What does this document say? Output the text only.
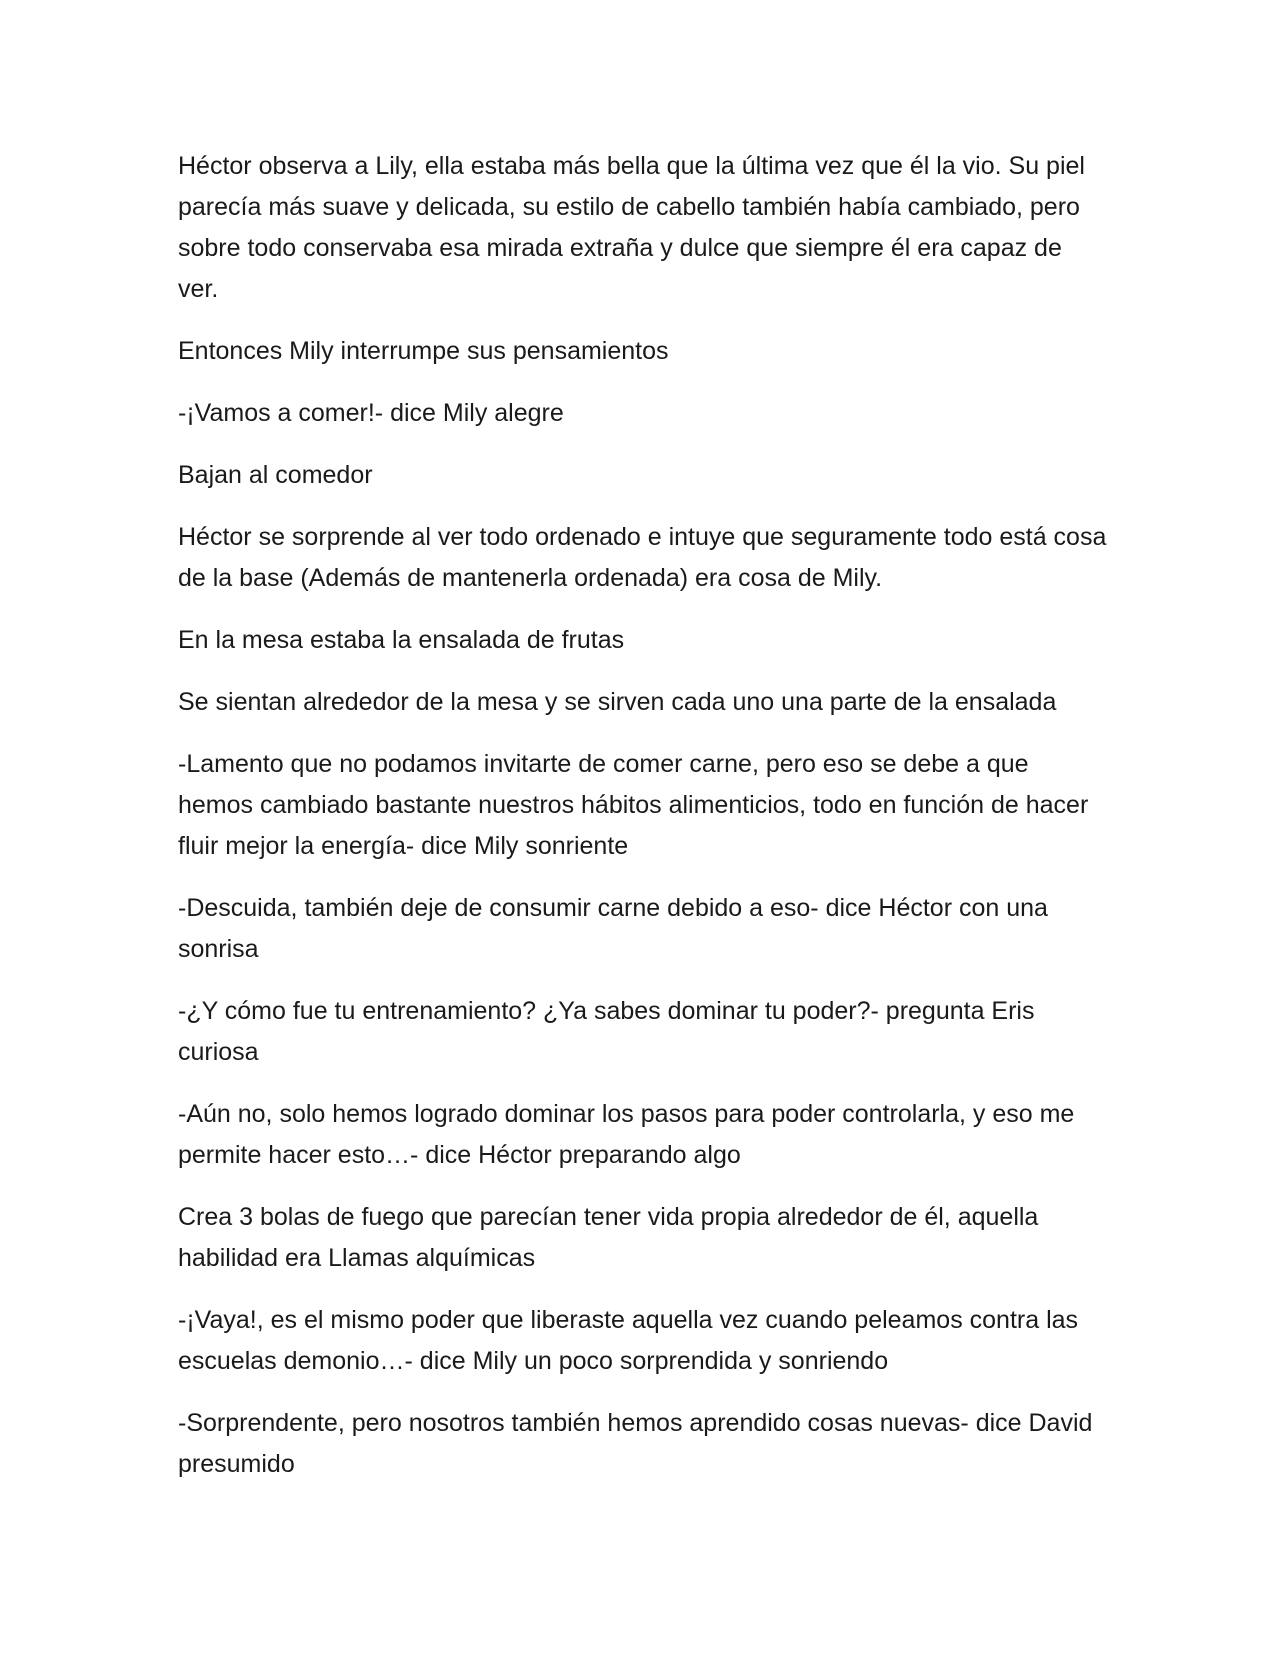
Héctor observa a Lily, ella estaba más bella que la última vez que él la vio. Su piel parecía más suave y delicada, su estilo de cabello también había cambiado, pero sobre todo conservaba esa mirada extraña y dulce que siempre él era capaz de ver.

Entonces Mily interrumpe sus pensamientos

-¡Vamos a comer!- dice Mily alegre

Bajan al comedor

Héctor se sorprende al ver todo ordenado e intuye que seguramente todo está cosa de la base (Además de mantenerla ordenada) era cosa de Mily.

En la mesa estaba la ensalada de frutas

Se sientan alrededor de la mesa y se sirven cada uno una parte de la ensalada

-Lamento que no podamos invitarte de comer carne, pero eso se debe a que hemos cambiado bastante nuestros hábitos alimenticios, todo en función de hacer fluir mejor la energía- dice Mily sonriente

-Descuida, también deje de consumir carne debido a eso- dice Héctor con una sonrisa

-¿Y cómo fue tu entrenamiento? ¿Ya sabes dominar tu poder?- pregunta Eris curiosa

-Aún no, solo hemos logrado dominar los pasos para poder controlarla, y eso me permite hacer esto…- dice Héctor preparando algo

Crea 3 bolas de fuego que parecían tener vida propia alrededor de él, aquella habilidad era Llamas alquímicas

-¡Vaya!, es el mismo poder que liberaste aquella vez cuando peleamos contra las escuelas demonio…- dice Mily un poco sorprendida y sonriendo

-Sorprendente, pero nosotros también hemos aprendido cosas nuevas- dice David presumido
